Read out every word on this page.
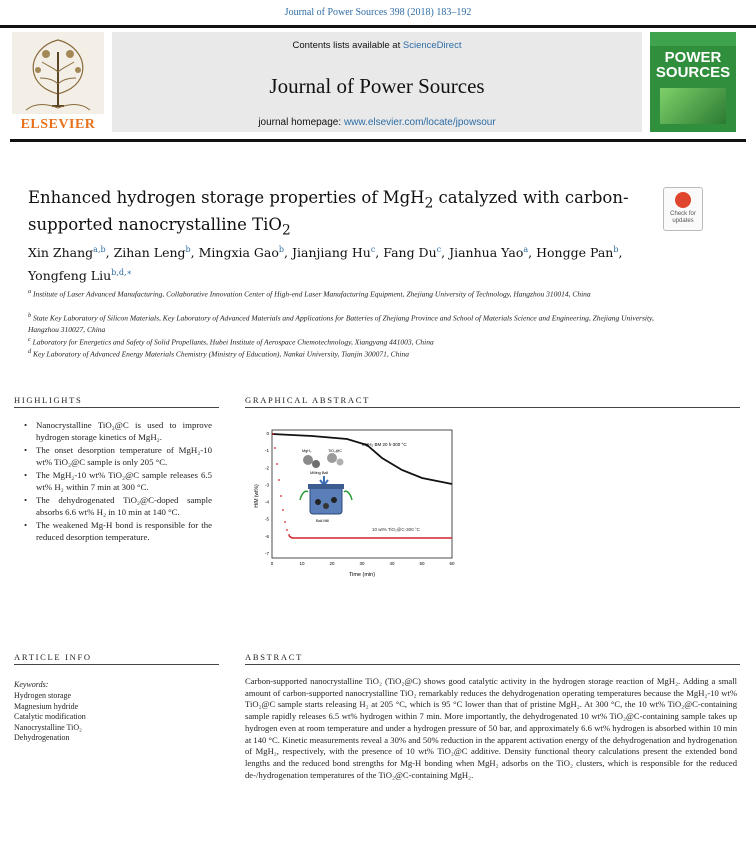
Journal of Power Sources 398 (2018) 183–192
ELSEVIER
Contents lists available at ScienceDirect
Journal of Power Sources
journal homepage: www.elsevier.com/locate/jpowsour
POWER
SOURCES
Enhanced hydrogen storage properties of MgH$_2$ catalyzed with carbon-
supported nanocrystalline TiO$_2$
Check for
updates
Xin Zhang$^{a,b}$, Zihan Leng$^b$, Mingxia Gao$^b$, Jianjiang Hu$^c$, Fang Du$^c$, Jianhua Yao$^a$, Hongge Pan$^b$, Yongfeng Liu$^{b,d,∗}$
$^a$ Institute of Laser Advanced Manufacturing, Collaborative Innovation Center of High-end Laser Manufacturing Equipment, Zhejiang University of Technology, Hangzhou 310014, China
$^b$ State Key Laboratory of Silicon Materials, Key Laboratory of Advanced Materials and Applications for Batteries of Zhejiang Province and School of Materials Science and Engineering, Zhejiang University, Hangzhou 310027, China
$^c$ Laboratory for Energetics and Safety of Solid Propellants, Hubei Institute of Aerospace Chemotechnology, Xiangyang 441003, China
$^d$ Key Laboratory of Advanced Energy Materials Chemistry (Ministry of Education), Nankai University, Tianjin 300071, China
HIGHLIGHTS
• Nanocrystalline TiO₂@C is used to improve hydrogen storage kinetics of MgH₂.
• The onset desorption temperature of MgH₂-10 wt% TiO₂@C sample is only 205 °C.
• The MgH₂-10 wt% TiO₂@C sample releases 6.5 wt% H₂ within 7 min at 300 °C.
• The dehydrogenated TiO₂@C-doped sample absorbs 6.6 wt% H₂ in 10 min at 140 °C.
• The weakened Mg-H bond is responsible for the reduced desorption temperature.
GRAPHICAL ABSTRACT
0
-1
-2
-3
-4
-5
-6
-7
0	10	20	30	40	50	60
H/M (wt%)
Time (min)
MgH₂ BM 20 h-300 °C
10 wt% TiO₂@C-300 °C
MgH₂	TiO₂@C
Milling Ball
Ball Mill
ARTICLE INFO
Keywords:
Hydrogen storage
Magnesium hydride
Catalytic modification
Nanocrystalline TiO₂
Dehydrogenation
ABSTRACT
Carbon-supported nanocrystalline TiO₂ (TiO₂@C) shows good catalytic activity in the hydrogen storage reaction of MgH₂. Adding a small amount of carbon-supported nanocrystalline TiO₂ remarkably reduces the dehydrogenation operating temperatures because the MgH₂-10 wt% TiO₂@C sample starts releasing H₂ at 205 °C, which is 95 °C lower than that of pristine MgH₂. At 300 °C, the 10 wt% TiO₂@C-containing sample rapidly releases 6.5 wt% hydrogen within 7 min. More importantly, the dehydrogenated 10 wt% TiO₂@C-containing sample takes up hydrogen even at room temperature and under a hydrogen pressure of 50 bar, and approximately 6.6 wt% hydrogen is absorbed within 10 min at 140 °C. Kinetic measurements reveal a 30% and 50% reduction in the apparent activation energy of the dehydrogenation and hydrogenation of MgH₂, respectively, with the presence of 10 wt% TiO₂@C additive. Density functional theory calculations present the extended bond lengths and the reduced bond strengths for Mg-H bonding when MgH₂ adsorbs on the TiO₂ clusters, which is responsible for the reduced de-/hydrogenation temperatures of the TiO₂@C-containing MgH₂.
